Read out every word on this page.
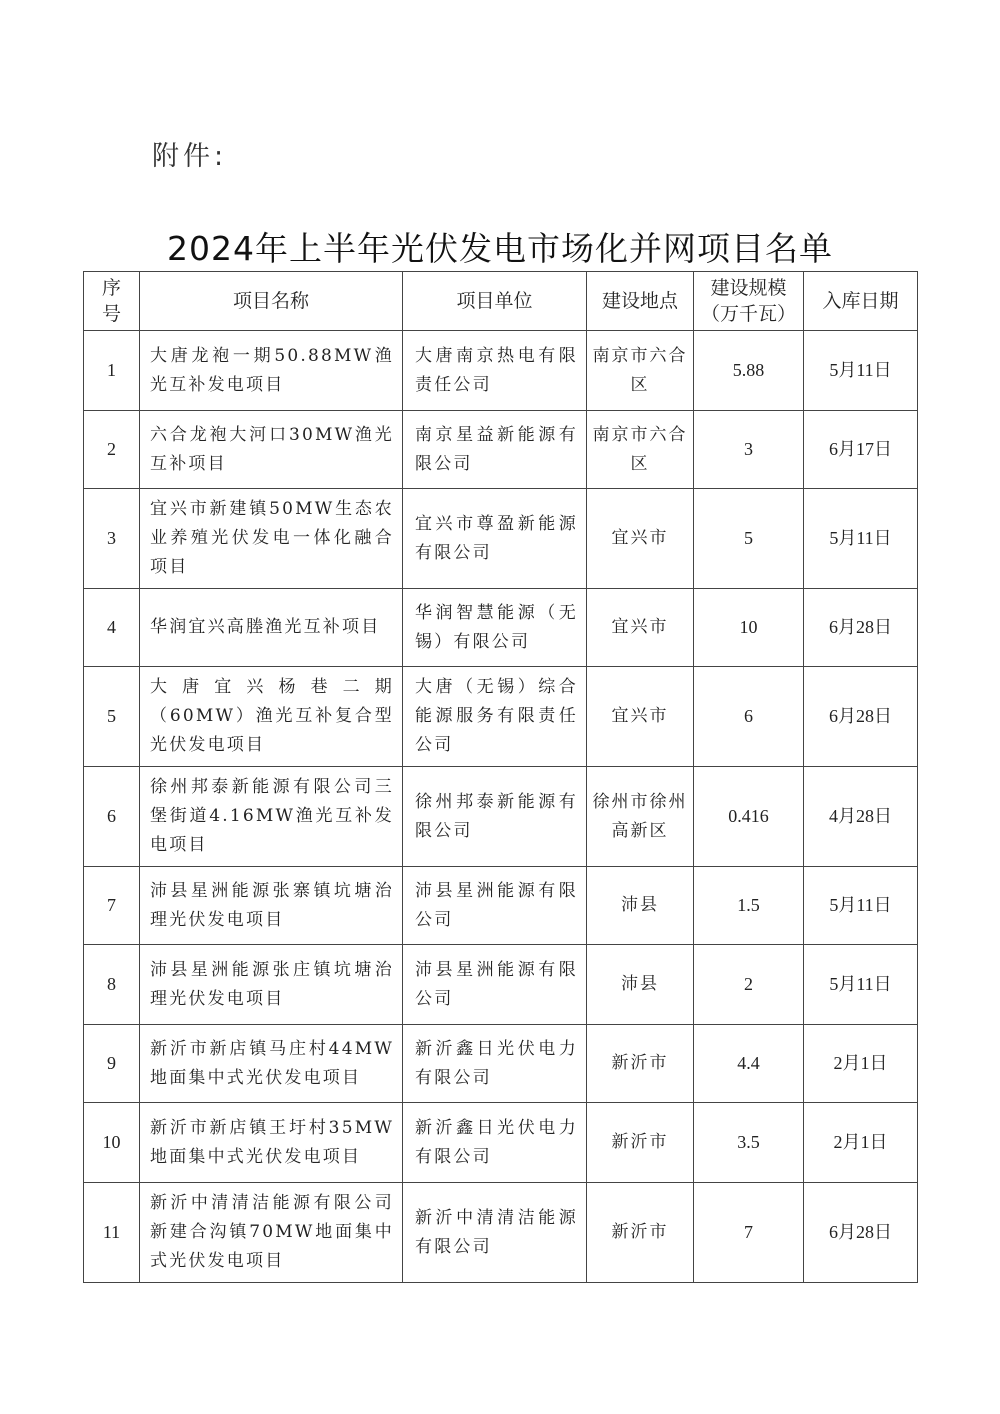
附件:
2024年上半年光伏发电市场化并网项目名单
序号	项目名称	项目单位	建设地点	建设规模（万千瓦）	入库日期
1	大唐龙袍一期50.88MW渔光互补发电项目	大唐南京热电有限责任公司	南京市六合区	5.88	5月11日
2	六合龙袍大河口30MW渔光互补项目	南京星益新能源有限公司	南京市六合区	3	6月17日
3	宜兴市新建镇50MW生态农业养殖光伏发电一体化融合项目	宜兴市尊盈新能源有限公司	宜兴市	5	5月11日
4	华润宜兴高塍渔光互补项目	华润智慧能源（无锡）有限公司	宜兴市	10	6月28日
5	大唐宜兴杨巷二期（60MW）渔光互补复合型光伏发电项目	大唐（无锡）综合能源服务有限责任公司	宜兴市	6	6月28日
6	徐州邦泰新能源有限公司三堡街道4.16MW渔光互补发电项目	徐州邦泰新能源有限公司	徐州市徐州高新区	0.416	4月28日
7	沛县星洲能源张寨镇坑塘治理光伏发电项目	沛县星洲能源有限公司	沛县	1.5	5月11日
8	沛县星洲能源张庄镇坑塘治理光伏发电项目	沛县星洲能源有限公司	沛县	2	5月11日
9	新沂市新店镇马庄村44MW地面集中式光伏发电项目	新沂鑫日光伏电力有限公司	新沂市	4.4	2月1日
10	新沂市新店镇王圩村35MW地面集中式光伏发电项目	新沂鑫日光伏电力有限公司	新沂市	3.5	2月1日
11	新沂中清清洁能源有限公司新建合沟镇70MW地面集中式光伏发电项目	新沂中清清洁能源有限公司	新沂市	7	6月28日
